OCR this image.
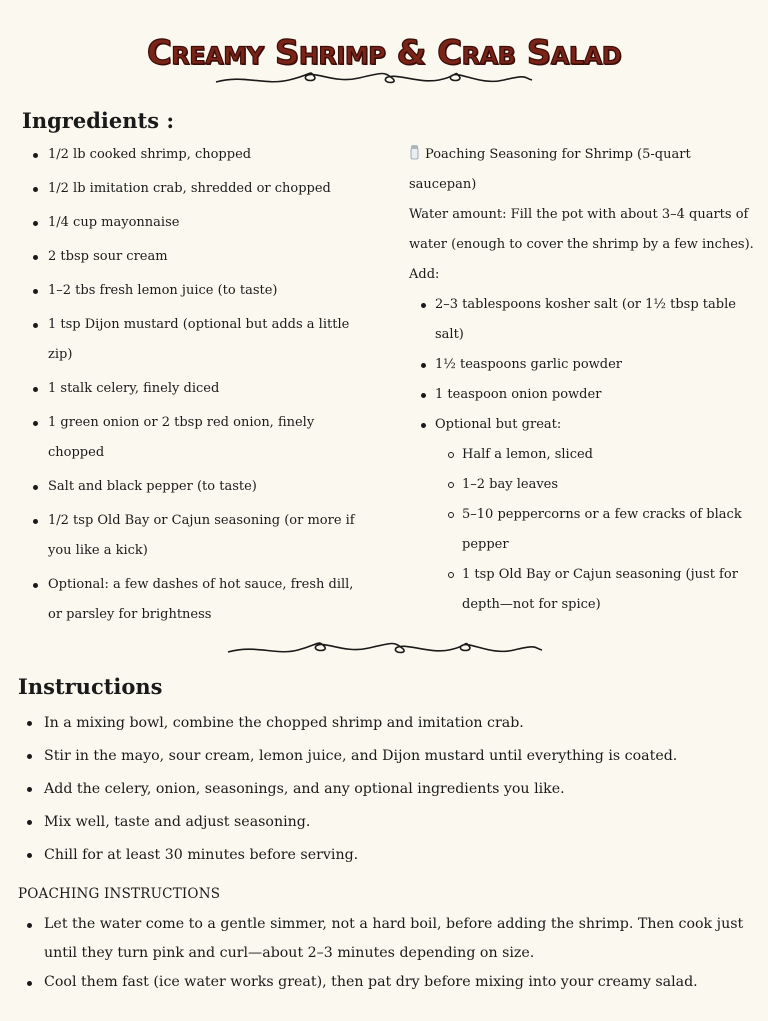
Creamy Shrimp & Crab Salad
Ingredients :
1/2 lb cooked shrimp, chopped
1/2 lb imitation crab, shredded or chopped
1/4 cup mayonnaise
2 tbsp sour cream
1–2 tbs fresh lemon juice (to taste)
1 tsp Dijon mustard (optional but adds a little zip)
1 stalk celery, finely diced
1 green onion or 2 tbsp red onion, finely chopped
Salt and black pepper (to taste)
1/2 tsp Old Bay or Cajun seasoning (or more if you like a kick)
Optional: a few dashes of hot sauce, fresh dill, or parsley for brightness

Poaching Seasoning for Shrimp (5-quart saucepan)

Water amount: Fill the pot with about 3–4 quarts of water (enough to cover the shrimp by a few inches).

Add:

2–3 tablespoons kosher salt (or 1½ tbsp table salt)
1½ teaspoons garlic powder
1 teaspoon onion powder
Optional but great:
Half a lemon, sliced
1–2 bay leaves
5–10 peppercorns or a few cracks of black pepper
1 tsp Old Bay or Cajun seasoning (just for depth—not for spice)
Instructions
In a mixing bowl, combine the chopped shrimp and imitation crab.
Stir in the mayo, sour cream, lemon juice, and Dijon mustard until everything is coated.
Add the celery, onion, seasonings, and any optional ingredients you like.
Mix well, taste and adjust seasoning.
Chill for at least 30 minutes before serving.

POACHING INSTRUCTIONS

Let the water come to a gentle simmer, not a hard boil, before adding the shrimp. Then cook just until they turn pink and curl—about 2–3 minutes depending on size.
Cool them fast (ice water works great), then pat dry before mixing into your creamy salad.
